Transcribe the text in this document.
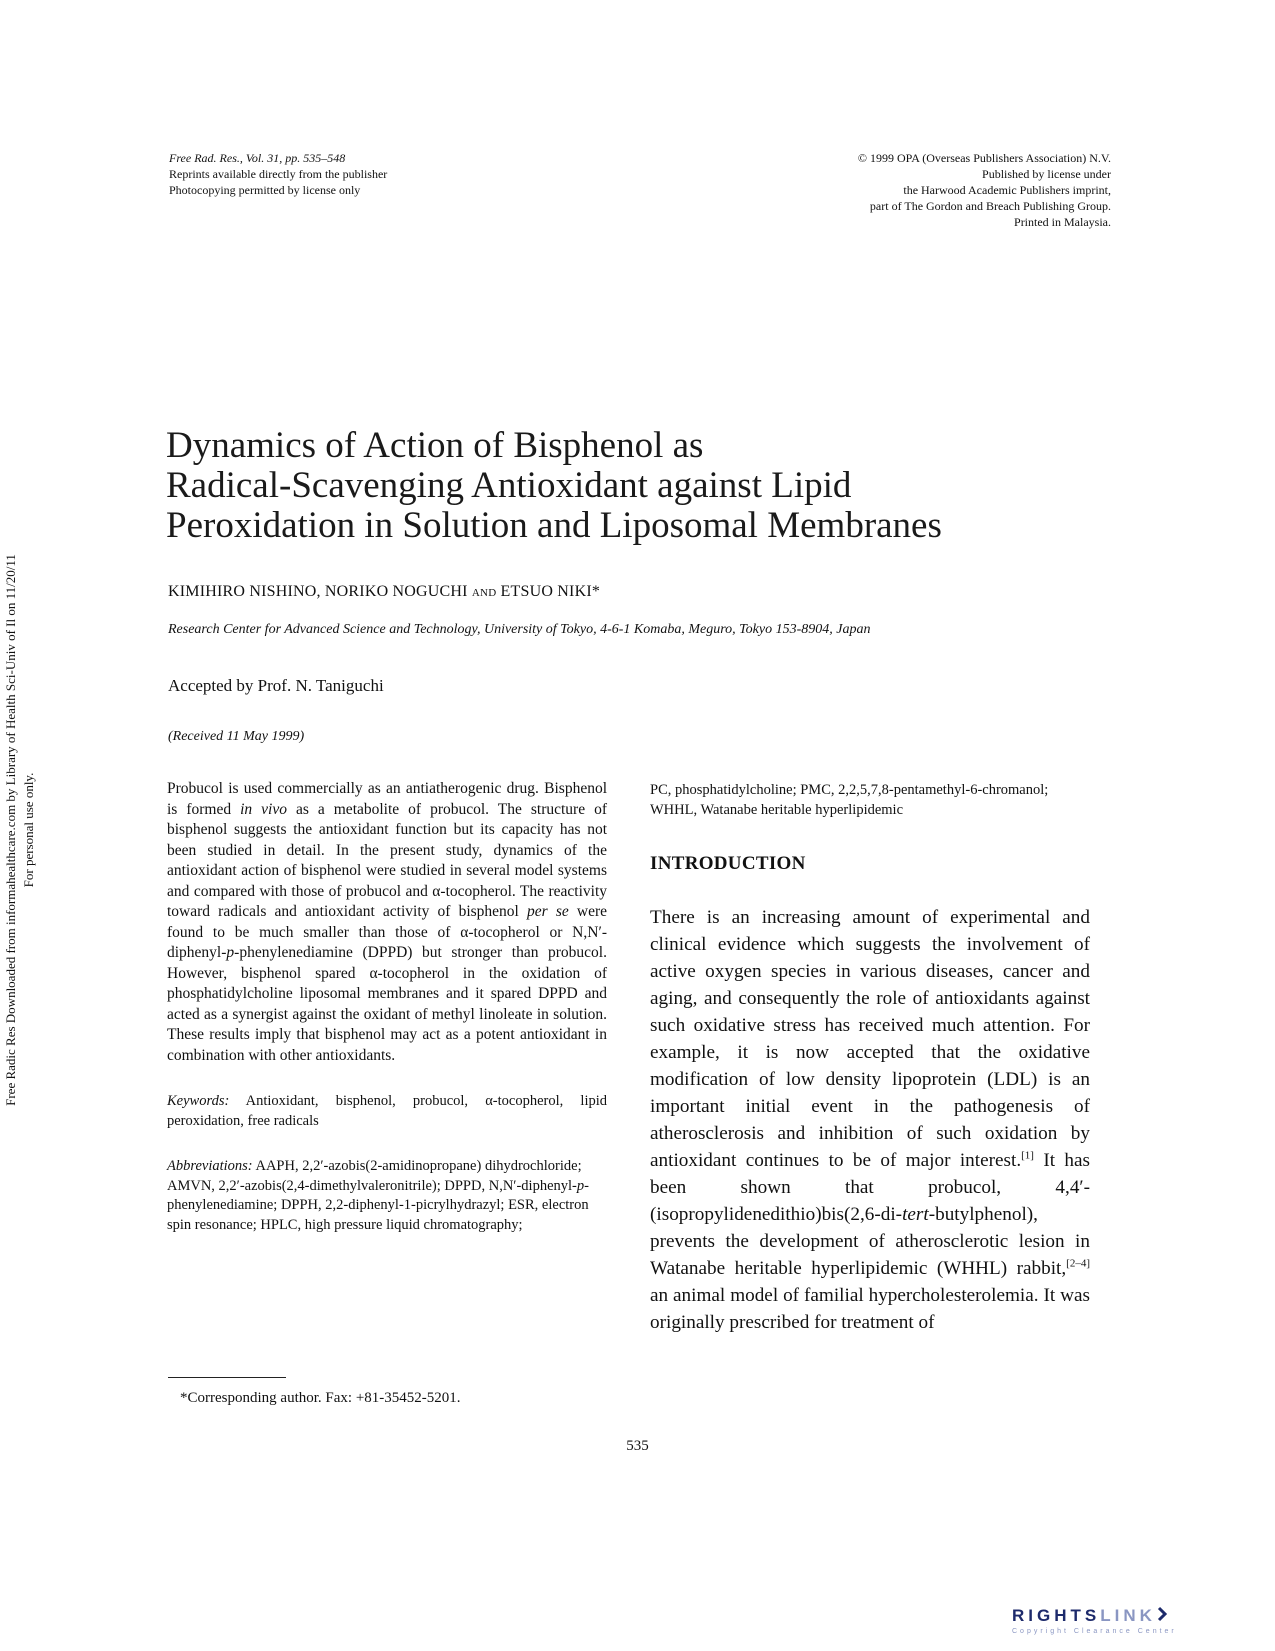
Free Rad. Res., Vol. 31, pp. 535–548
Reprints available directly from the publisher
Photocopying permitted by license only
© 1999 OPA (Overseas Publishers Association) N.V.
Published by license under
the Harwood Academic Publishers imprint,
part of The Gordon and Breach Publishing Group.
Printed in Malaysia.
Free Radic Res Downloaded from informahealthcare.com by Library of Health Sci-Univ of Il on 11/20/11 For personal use only.
Dynamics of Action of Bisphenol as
Radical-Scavenging Antioxidant against Lipid
Peroxidation in Solution and Liposomal Membranes
KIMIHIRO NISHINO, NORIKO NOGUCHI and ETSUO NIKI*
Research Center for Advanced Science and Technology, University of Tokyo, 4-6-1 Komaba, Meguro, Tokyo 153-8904, Japan
Accepted by Prof. N. Taniguchi
(Received 11 May 1999)

Probucol is used commercially as an antiatherogenic drug. Bisphenol is formed in vivo as a metabolite of probucol. The structure of bisphenol suggests the antioxidant function but its capacity has not been studied in detail. In the present study, dynamics of the antioxidant action of bisphenol were studied in several model systems and compared with those of probucol and α-tocopherol. The reactivity toward radicals and antioxidant activity of bisphenol per se were found to be much smaller than those of α-tocopherol or N,N′-diphenyl-p-phenylenediamine (DPPD) but stronger than probucol. However, bisphenol spared α-tocopherol in the oxidation of phosphatidylcholine liposomal membranes and it spared DPPD and acted as a synergist against the oxidant of methyl linoleate in solution. These results imply that bisphenol may act as a potent antioxidant in combination with other antioxidants.

Keywords: Antioxidant, bisphenol, probucol, α-tocopherol, lipid peroxidation, free radicals

Abbreviations: AAPH, 2,2′-azobis(2-amidinopropane) dihydrochloride; AMVN, 2,2′-azobis(2,4-dimethylvaleronitrile); DPPD, N,N′-diphenyl-p-phenylenediamine; DPPH, 2,2-diphenyl-1-picrylhydrazyl; ESR, electron spin resonance; HPLC, high pressure liquid chromatography;

PC, phosphatidylcholine; PMC, 2,2,5,7,8-pentamethyl-6-chromanol; WHHL, Watanabe heritable hyperlipidemic
INTRODUCTION

There is an increasing amount of experimental and clinical evidence which suggests the involvement of active oxygen species in various diseases, cancer and aging, and consequently the role of antioxidants against such oxidative stress has received much attention. For example, it is now accepted that the oxidative modification of low density lipoprotein (LDL) is an important initial event in the pathogenesis of atherosclerosis and inhibition of such oxidation by antioxidant continues to be of major interest.[1] It has been shown that probucol, 4,4′-(isopropylidenedithio)bis(2,6-di-tert-butylphenol), prevents the development of atherosclerotic lesion in Watanabe heritable hyperlipidemic (WHHL) rabbit,[2–4] an animal model of familial hypercholesterolemia. It was originally prescribed for treatment of

*Corresponding author. Fax: +81-35452-5201.
535
RIGHTSLINK
Copyright Clearance Center
